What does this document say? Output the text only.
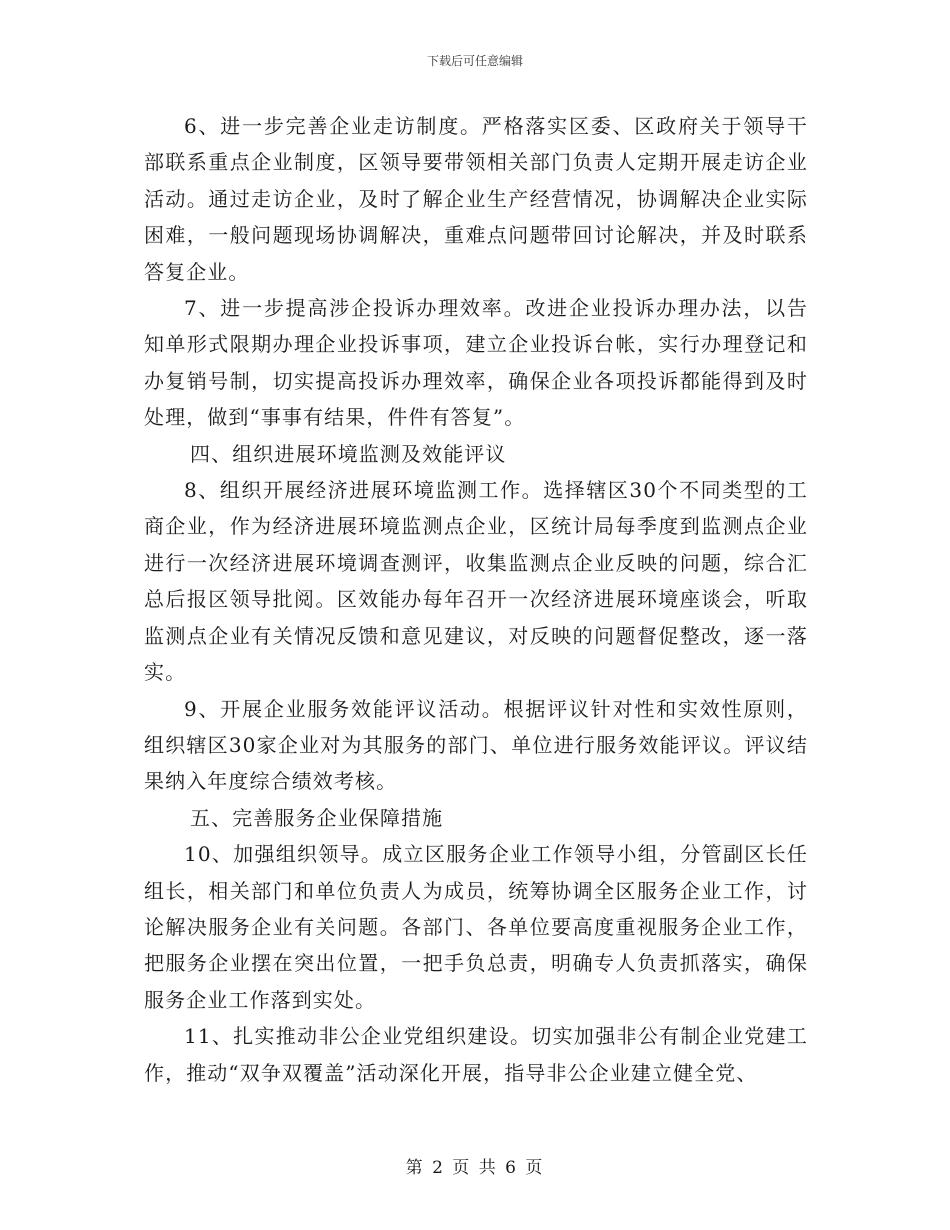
下载后可任意编辑

6、进一步完善企业走访制度。严格落实区委、区政府关于领导干部联系重点企业制度，区领导要带领相关部门负责人定期开展走访企业活动。通过走访企业，及时了解企业生产经营情况，协调解决企业实际困难，一般问题现场协调解决，重难点问题带回讨论解决，并及时联系答复企业。

7、进一步提高涉企投诉办理效率。改进企业投诉办理办法，以告知单形式限期办理企业投诉事项，建立企业投诉台帐，实行办理登记和办复销号制，切实提高投诉办理效率，确保企业各项投诉都能得到及时处理，做到“事事有结果，件件有答复”。

四、组织进展环境监测及效能评议

8、组织开展经济进展环境监测工作。选择辖区30个不同类型的工商企业，作为经济进展环境监测点企业，区统计局每季度到监测点企业进行一次经济进展环境调查测评，收集监测点企业反映的问题，综合汇总后报区领导批阅。区效能办每年召开一次经济进展环境座谈会，听取监测点企业有关情况反馈和意见建议，对反映的问题督促整改，逐一落实。

9、开展企业服务效能评议活动。根据评议针对性和实效性原则，组织辖区30家企业对为其服务的部门、单位进行服务效能评议。评议结果纳入年度综合绩效考核。

五、完善服务企业保障措施

10、加强组织领导。成立区服务企业工作领导小组，分管副区长任组长，相关部门和单位负责人为成员，统筹协调全区服务企业工作，讨论解决服务企业有关问题。各部门、各单位要高度重视服务企业工作，把服务企业摆在突出位置，一把手负总责，明确专人负责抓落实，确保服务企业工作落到实处。

11、扎实推动非公企业党组织建设。切实加强非公有制企业党建工作，推动“双争双覆盖”活动深化开展，指导非公企业建立健全党、

第 2 页 共 6 页
